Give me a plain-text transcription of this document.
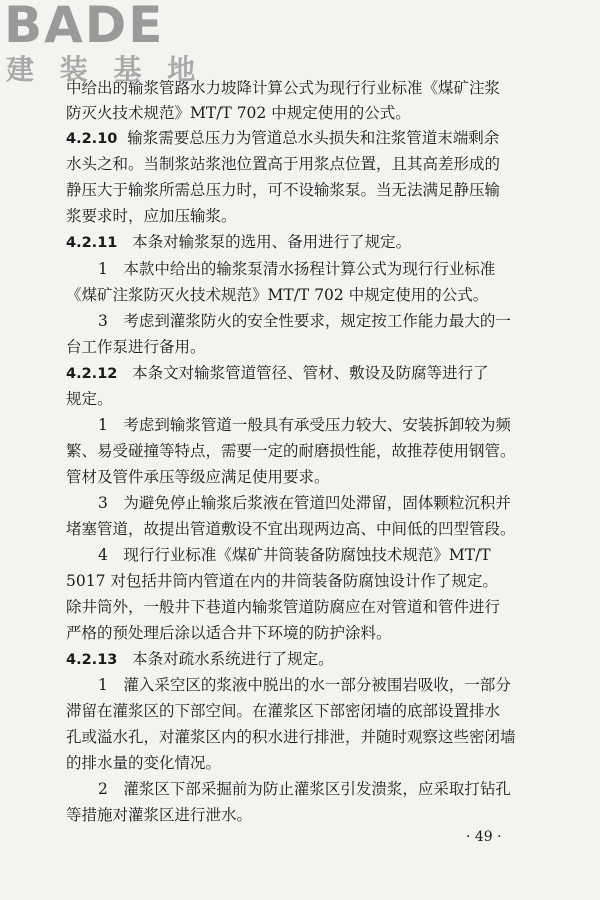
BADE
建 装 基 地
中给出的输浆管路水力坡降计算公式为现行行业标准《煤矿注浆
防灭火技术规范》MT/T 702 中规定使用的公式。
4.2.10 输浆需要总压力为管道总水头损失和注浆管道末端剩余
水头之和。当制浆站浆池位置高于用浆点位置，且其高差形成的
静压大于输浆所需总压力时，可不设输浆泵。当无法满足静压输
浆要求时，应加压输浆。
4.2.11 本条对输浆泵的选用、备用进行了规定。
1　本款中给出的输浆泵清水扬程计算公式为现行行业标准
《煤矿注浆防灭火技术规范》MT/T 702 中规定使用的公式。
3　考虑到灌浆防火的安全性要求，规定按工作能力最大的一
台工作泵进行备用。
4.2.12 本条文对输浆管道管径、管材、敷设及防腐等进行了
规定。
1　考虑到输浆管道一般具有承受压力较大、安装拆卸较为频
繁、易受碰撞等特点，需要一定的耐磨损性能，故推荐使用钢管。
管材及管件承压等级应满足使用要求。
3　为避免停止输浆后浆液在管道凹处滞留，固体颗粒沉积并
堵塞管道，故提出管道敷设不宜出现两边高、中间低的凹型管段。
4　现行行业标准《煤矿井筒装备防腐蚀技术规范》MT/T
5017 对包括井筒内管道在内的井筒装备防腐蚀设计作了规定。
除井筒外，一般井下巷道内输浆管道防腐应在对管道和管件进行
严格的预处理后涂以适合井下环境的防护涂料。
4.2.13 本条对疏水系统进行了规定。
1　灌入采空区的浆液中脱出的水一部分被围岩吸收，一部分
滞留在灌浆区的下部空间。在灌浆区下部密闭墙的底部设置排水
孔或溢水孔，对灌浆区内的积水进行排泄，并随时观察这些密闭墙
的排水量的变化情况。
2　灌浆区下部采掘前为防止灌浆区引发溃浆，应采取打钻孔
等措施对灌浆区进行泄水。
· 49 ·
